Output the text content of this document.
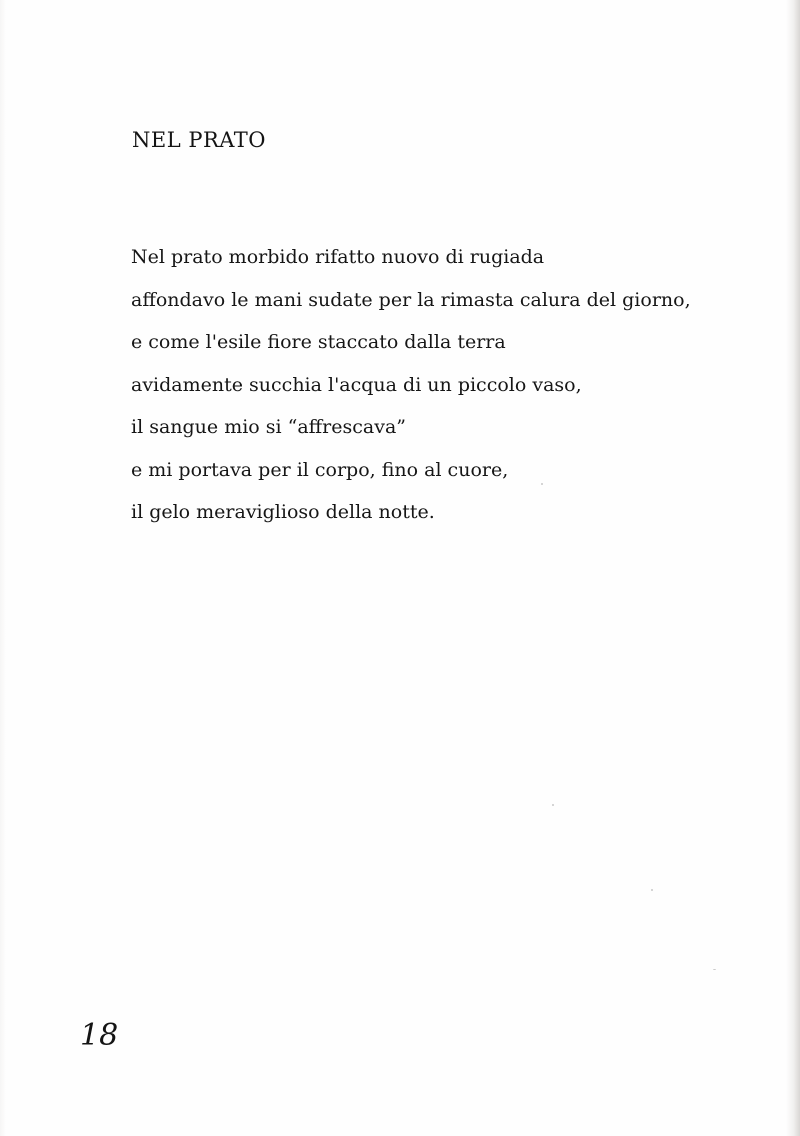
NEL PRATO
Nel prato morbido rifatto nuovo di rugiada
affondavo le mani sudate per la rimasta calura del giorno,
e come l'esile fiore staccato dalla terra
avidamente succhia l'acqua di un piccolo vaso,
il sangue mio si “affrescava”
e mi portava per il corpo, fino al cuore,
il gelo meraviglioso della notte.
18
